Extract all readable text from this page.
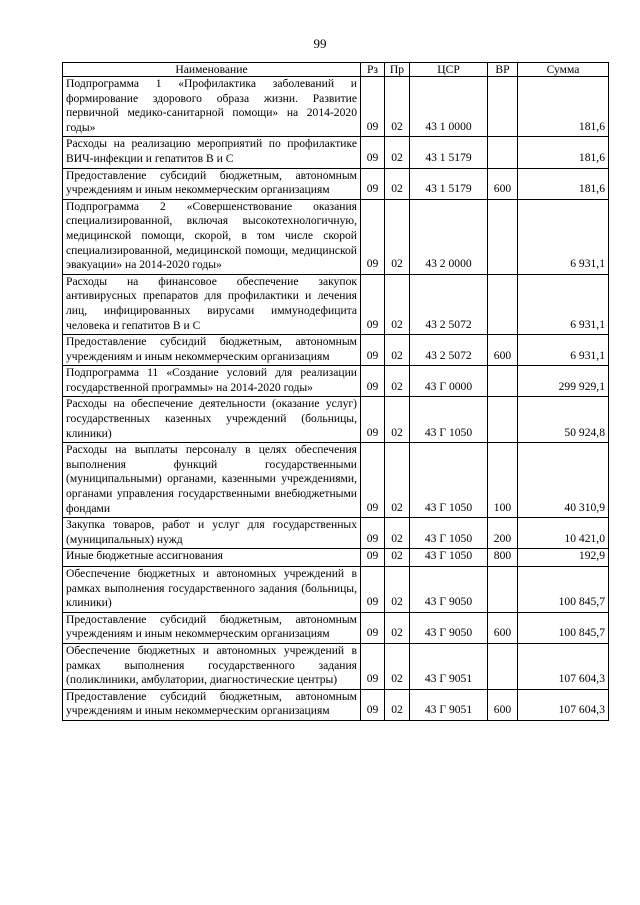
99
Наименование	Рз	Пр	ЦСР	ВР	Сумма
Подпрограмма 1 «Профилактика заболеваний и формирование здорового образа жизни. Развитие первичной медико-санитарной помощи» на 2014-2020 годы»	09	02	43 1 0000		181,6
Расходы на реализацию мероприятий по профилактике ВИЧ-инфекции и гепатитов В и С	09	02	43 1 5179		181,6
Предоставление субсидий бюджетным, автономным учреждениям и иным некоммерческим организациям	09	02	43 1 5179	600	181,6
Подпрограмма 2 «Совершенствование оказания специализированной, включая высокотехнологичную, медицинской помощи, скорой, в том числе скорой специализированной, медицинской помощи, медицинской эвакуации» на 2014-2020 годы»	09	02	43 2 0000		6 931,1
Расходы на финансовое обеспечение закупок антивирусных препаратов для профилактики и лечения лиц, инфицированных вирусами иммунодефицита человека и гепатитов В и С	09	02	43 2 5072		6 931,1
Предоставление субсидий бюджетным, автономным учреждениям и иным некоммерческим организациям	09	02	43 2 5072	600	6 931,1
Подпрограмма 11 «Создание условий для реализации государственной программы» на 2014-2020 годы»	09	02	43 Г 0000		299 929,1
Расходы на обеспечение деятельности (оказание услуг) государственных казенных учреждений (больницы, клиники)	09	02	43 Г 1050		50 924,8
Расходы на выплаты персоналу в целях обеспечения выполнения функций государственными (муниципальными) органами, казенными учреждениями, органами управления государственными внебюджетными фондами	09	02	43 Г 1050	100	40 310,9
Закупка товаров, работ и услуг для государственных (муниципальных) нужд	09	02	43 Г 1050	200	10 421,0
Иные бюджетные ассигнования	09	02	43 Г 1050	800	192,9
Обеспечение бюджетных и автономных учреждений в рамках выполнения государственного задания (больницы, клиники)	09	02	43 Г 9050		100 845,7
Предоставление субсидий бюджетным, автономным учреждениям и иным некоммерческим организациям	09	02	43 Г 9050	600	100 845,7
Обеспечение бюджетных и автономных учреждений в рамках выполнения государственного задания (поликлиники, амбулатории, диагностические центры)	09	02	43 Г 9051		107 604,3
Предоставление субсидий бюджетным, автономным учреждениям и иным некоммерческим организациям	09	02	43 Г 9051	600	107 604,3
